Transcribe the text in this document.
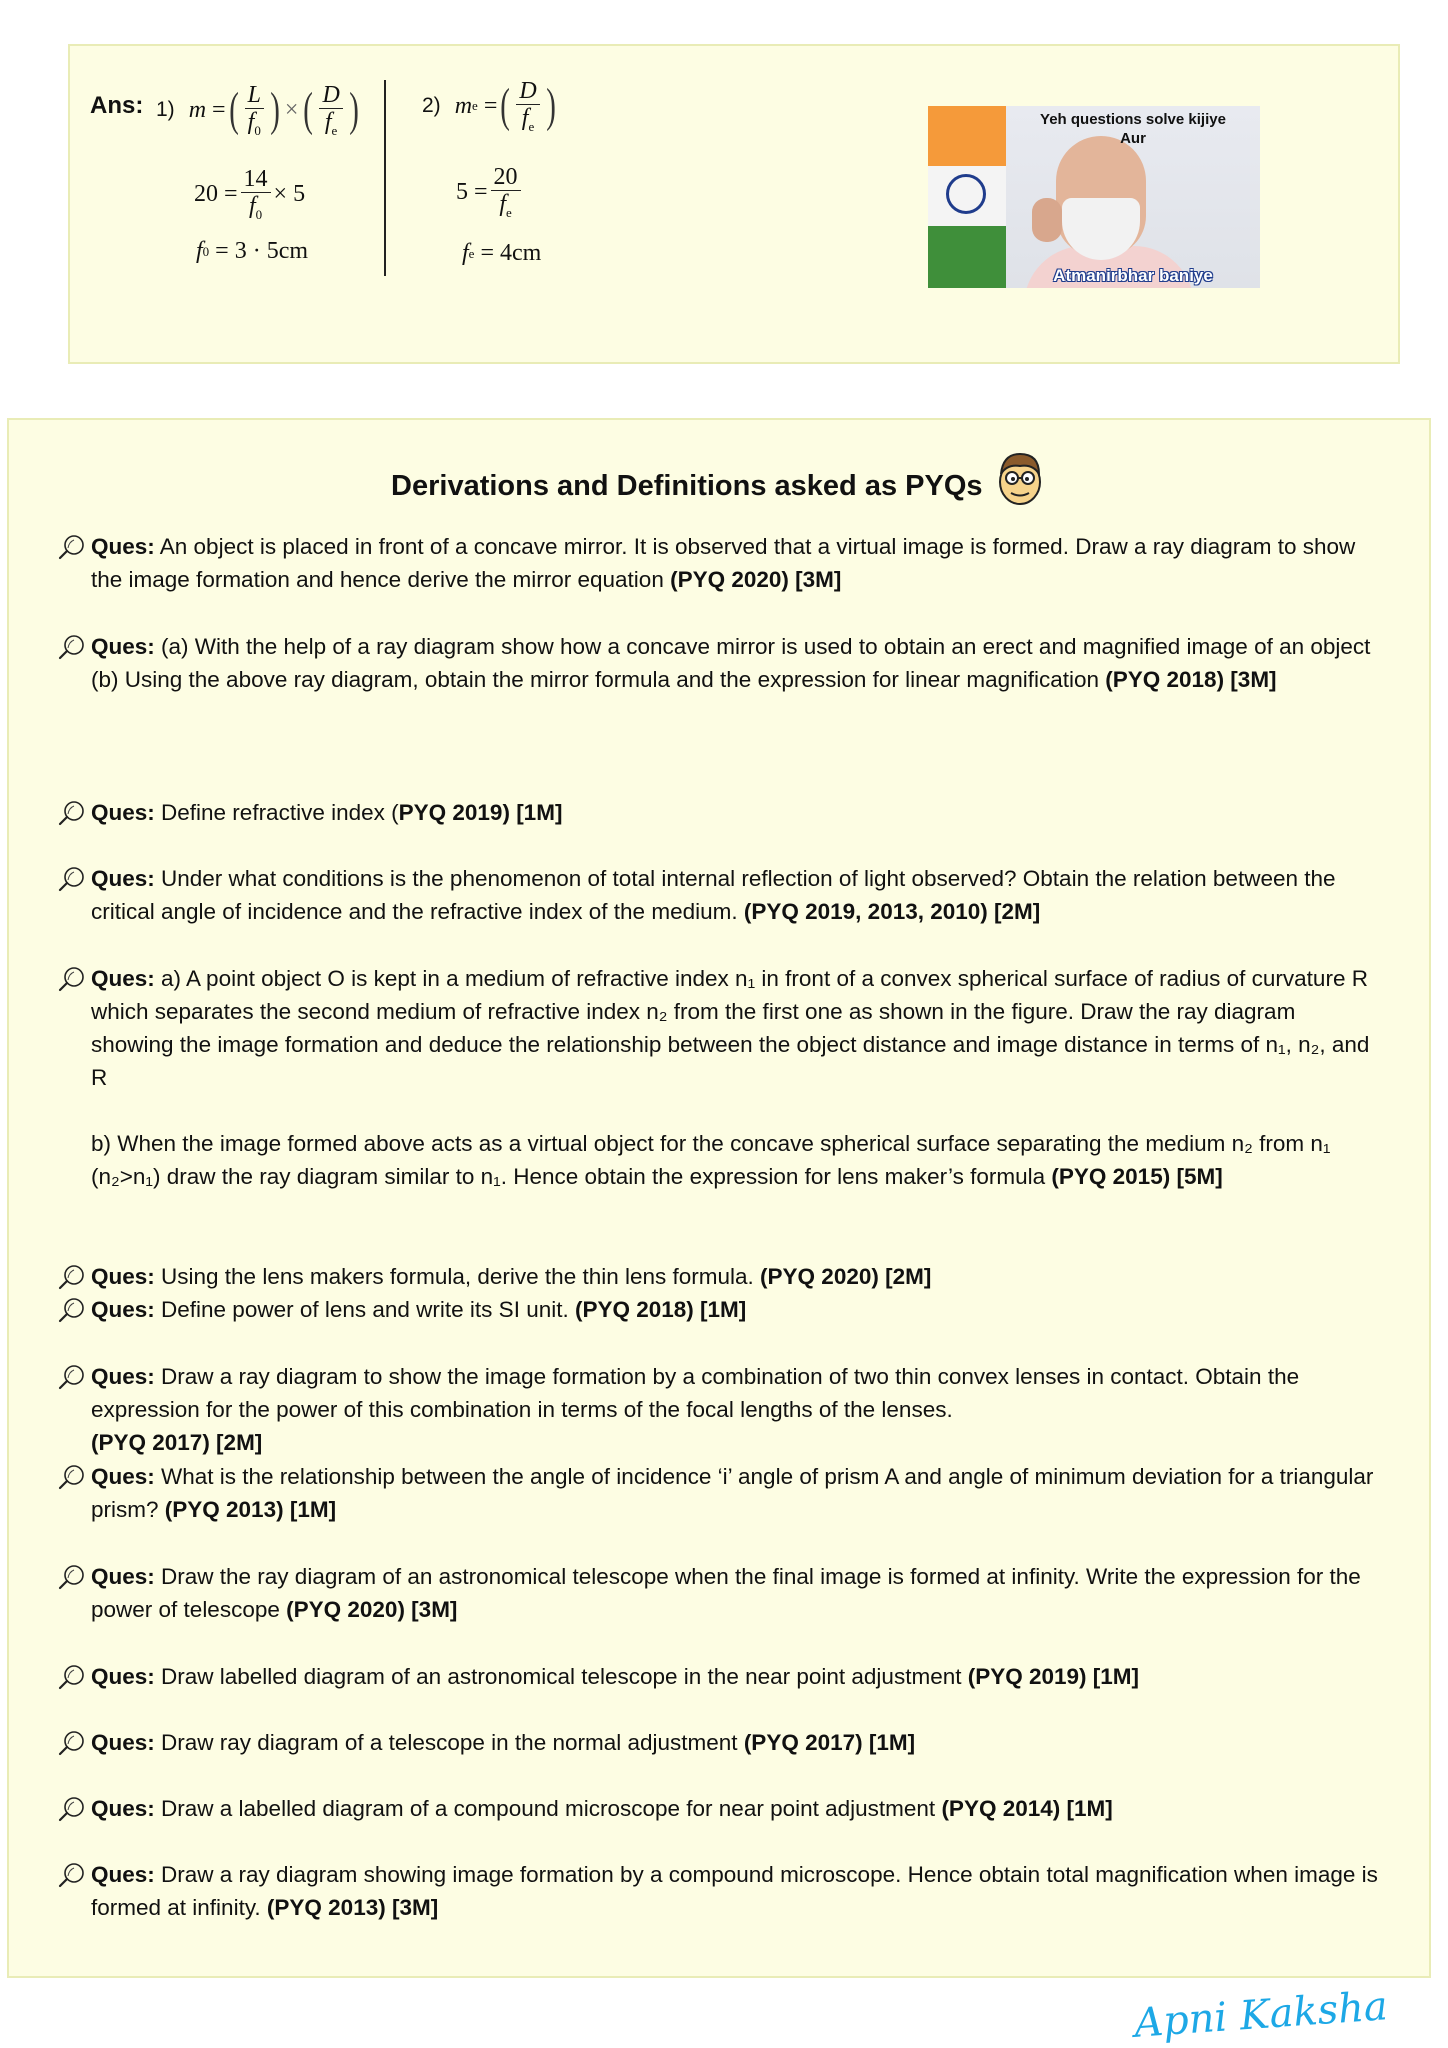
Ans: 1) m = ( $\frac{L}{f_0}$ ) × ( $\frac{D}{f_e}$ )
$20 = \frac{14}{f_0} \times 5$
f 0
= 3 · 5cm
2) m e = ( $\frac{D}{f_e}$ )
$5 = \frac{20}{f_e}$
f e
= 4cm
Yeh questions solve kijiye
Aur
Atmanirbhar baniye
Derivations and Definitions asked as PYQs
Ques: An object is placed in front of a concave mirror. It is observed that a virtual image is formed. Draw a ray diagram to show the image formation and hence derive the mirror equation (PYQ 2020) [3M]
Ques: (a) With the help of a ray diagram show how a concave mirror is used to obtain an erect and magnified image of an object
(b) Using the above ray diagram, obtain the mirror formula and the expression for linear magnification (PYQ 2018) [3M]
Ques: Define refractive index (PYQ 2019) [1M]
Ques: Under what conditions is the phenomenon of total internal reflection of light observed? Obtain the relation between the critical angle of incidence and the refractive index of the medium. (PYQ 2019, 2013, 2010) [2M]
Ques: a) A point object O is kept in a medium of refractive index n₁ in front of a convex spherical surface of radius of curvature R which separates the second medium of refractive index n₂ from the first one as shown in the figure. Draw the ray diagram showing the image formation and deduce the relationship between the object distance and image distance in terms of n₁, n₂, and R
b) When the image formed above acts as a virtual object for the concave spherical surface separating the medium n₂ from n₁ (n₂>n₁) draw the ray diagram similar to n₁. Hence obtain the expression for lens maker’s formula (PYQ 2015) [5M]
Ques: Using the lens makers formula, derive the thin lens formula. (PYQ 2020) [2M]
Ques: Define power of lens and write its SI unit. (PYQ 2018) [1M]
Ques: Draw a ray diagram to show the image formation by a combination of two thin convex lenses in contact. Obtain the expression for the power of this combination in terms of the focal lengths of the lenses.
(PYQ 2017) [2M]
Ques: What is the relationship between the angle of incidence ‘i’ angle of prism A and angle of minimum deviation for a triangular prism? (PYQ 2013) [1M]
Ques: Draw the ray diagram of an astronomical telescope when the final image is formed at infinity. Write the expression for the power of telescope (PYQ 2020) [3M]
Ques: Draw labelled diagram of an astronomical telescope in the near point adjustment (PYQ 2019) [1M]
Ques: Draw ray diagram of a telescope in the normal adjustment (PYQ 2017) [1M]
Ques: Draw a labelled diagram of a compound microscope for near point adjustment (PYQ 2014) [1M]
Ques: Draw a ray diagram showing image formation by a compound microscope. Hence obtain total magnification when image is formed at infinity. (PYQ 2013) [3M]
Apni Kaksha
